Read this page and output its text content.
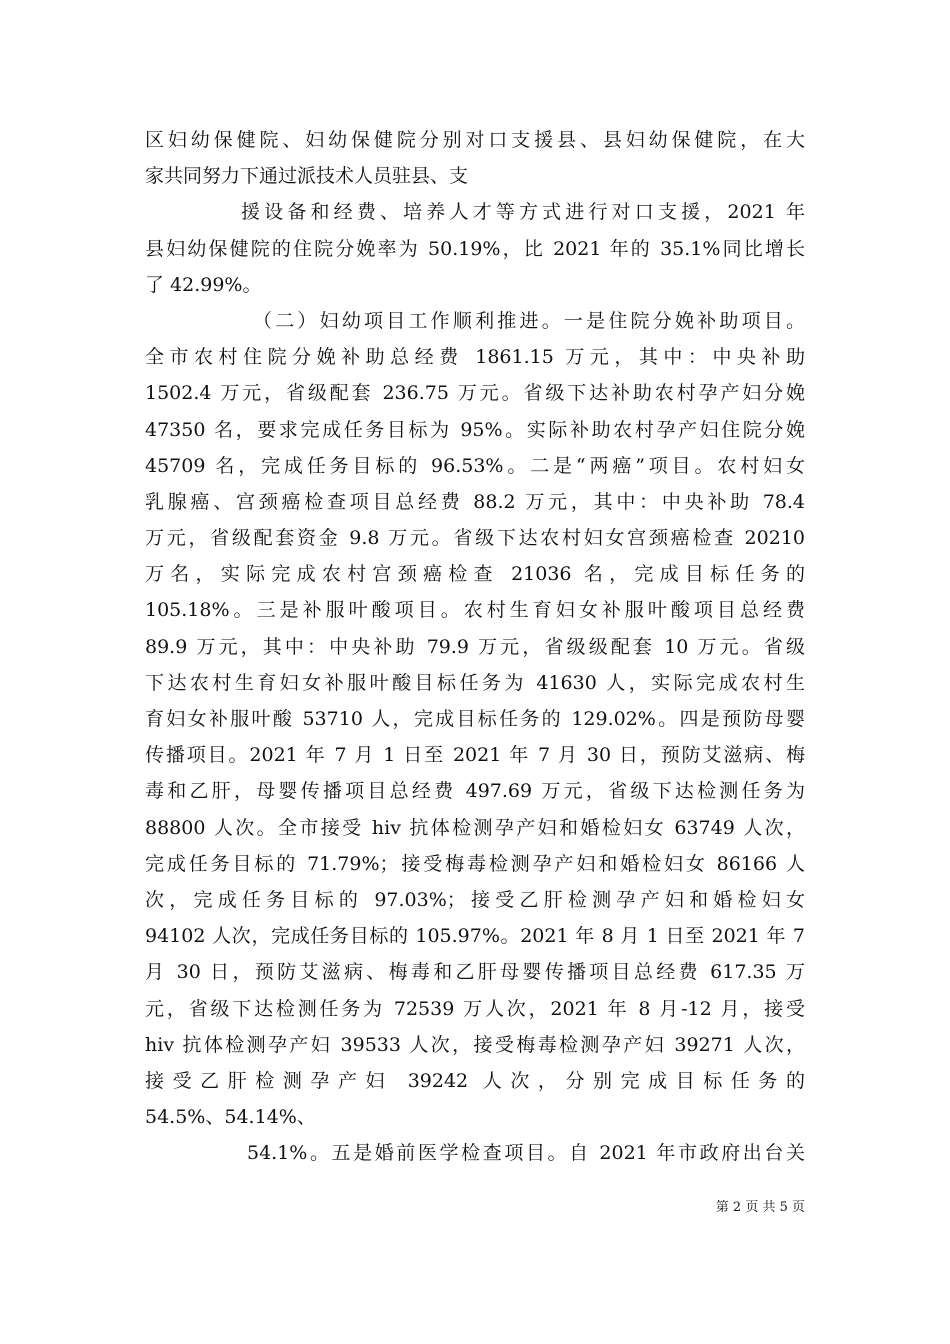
区妇幼保健院、妇幼保健院分别对口支援县、县妇幼保健院，在大
家共同努力下通过派技术人员驻县、支
援设备和经费、培养人才等方式进行对口支援，2021 年
县妇幼保健院的住院分娩率为 50.19%，比 2021 年的 35.1%同比增长
了 42.99%。
（二）妇幼项目工作顺利推进。一是住院分娩补助项目。
全市农村住院分娩补助总经费 1861.15 万元，其中：中央补助
1502.4 万元，省级配套 236.75 万元。省级下达补助农村孕产妇分娩
47350 名，要求完成任务目标为 95%。实际补助农村孕产妇住院分娩
45709 名，完成任务目标的 96.53%。二是“两癌”项目。农村妇女
乳腺癌、宫颈癌检查项目总经费 88.2 万元，其中：中央补助 78.4
万元，省级配套资金 9.8 万元。省级下达农村妇女宫颈癌检查 20210
万名，实际完成农村宫颈癌检查 21036 名，完成目标任务的
105.18%。三是补服叶酸项目。农村生育妇女补服叶酸项目总经费
89.9 万元，其中：中央补助 79.9 万元，省级级配套 10 万元。省级
下达农村生育妇女补服叶酸目标任务为 41630 人，实际完成农村生
育妇女补服叶酸 53710 人，完成目标任务的 129.02%。四是预防母婴
传播项目。2021 年 7 月 1 日至 2021 年 7 月 30 日，预防艾滋病、梅
毒和乙肝，母婴传播项目总经费 497.69 万元，省级下达检测任务为
88800 人次。全市接受 hiv 抗体检测孕产妇和婚检妇女 63749 人次，
完成任务目标的 71.79%；接受梅毒检测孕产妇和婚检妇女 86166 人
次，完成任务目标的 97.03%；接受乙肝检测孕产妇和婚检妇女
94102 人次，完成任务目标的 105.97%。2021 年 8 月 1 日至 2021 年 7
月 30 日，预防艾滋病、梅毒和乙肝母婴传播项目总经费 617.35 万
元，省级下达检测任务为 72539 万人次，2021 年 8 月-12 月，接受
hiv 抗体检测孕产妇 39533 人次，接受梅毒检测孕产妇 39271 人次，
接受乙肝检测孕产妇 39242 人次，分别完成目标任务的
54.5%、54.14%、
54.1%。五是婚前医学检查项目。自 2021 年市政府出台关
第 2 页 共 5 页
